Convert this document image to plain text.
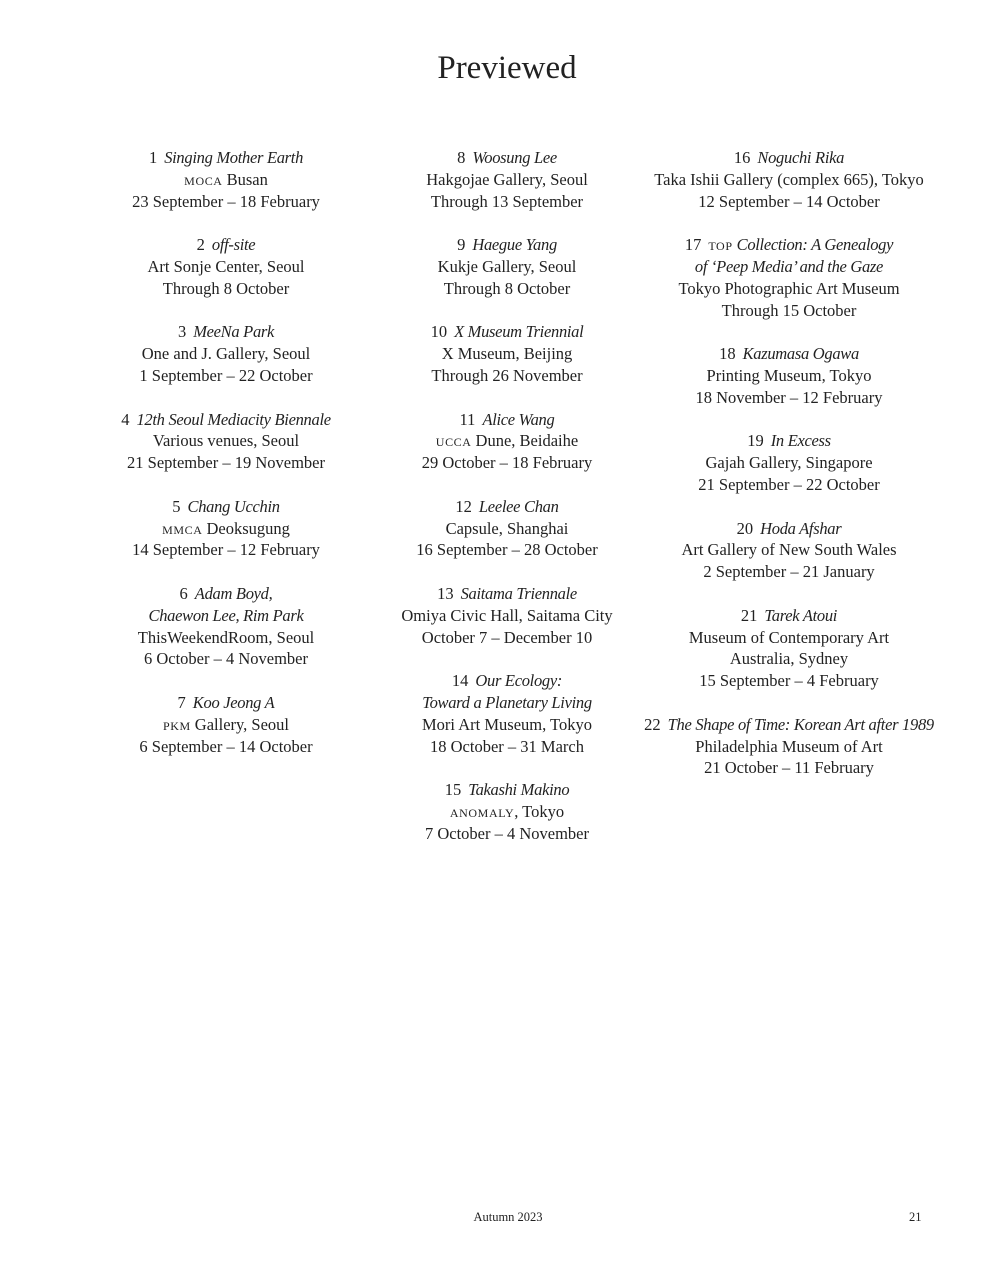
Previewed
1 Singing Mother Earth
moca Busan
23 September – 18 February
2 off-site
Art Sonje Center, Seoul
Through 8 October
3 MeeNa Park
One and J. Gallery, Seoul
1 September – 22 October
4 12th Seoul Mediacity Biennale
Various venues, Seoul
21 September – 19 November
5 Chang Ucchin
mmca Deoksugung
14 September – 12 February
6 Adam Boyd,
Chaewon Lee, Rim Park
ThisWeekendRoom, Seoul
6 October – 4 November
7 Koo Jeong A
pkm Gallery, Seoul
6 September – 14 October
8 Woosung Lee
Hakgojae Gallery, Seoul
Through 13 September
9 Haegue Yang
Kukje Gallery, Seoul
Through 8 October
10 X Museum Triennial
X Museum, Beijing
Through 26 November
11 Alice Wang
ucca Dune, Beidaihe
29 October – 18 February
12 Leelee Chan
Capsule, Shanghai
16 September – 28 October
13 Saitama Triennale
Omiya Civic Hall, Saitama City
October 7 – December 10
14 Our Ecology:
Toward a Planetary Living
Mori Art Museum, Tokyo
18 October – 31 March
15 Takashi Makino
anomaly, Tokyo
7 October – 4 November
16 Noguchi Rika
Taka Ishii Gallery (complex 665), Tokyo
12 September – 14 October
17 top Collection: A Genealogy
of ‘Peep Media’ and the Gaze
Tokyo Photographic Art Museum
Through 15 October
18 Kazumasa Ogawa
Printing Museum, Tokyo
18 November – 12 February
19 In Excess
Gajah Gallery, Singapore
21 September – 22 October
20 Hoda Afshar
Art Gallery of New South Wales
2 September – 21 January
21 Tarek Atoui
Museum of Contemporary Art
Australia, Sydney
15 September – 4 February
22 The Shape of Time: Korean Art after 1989
Philadelphia Museum of Art
21 October – 11 February
Autumn 2023	21
